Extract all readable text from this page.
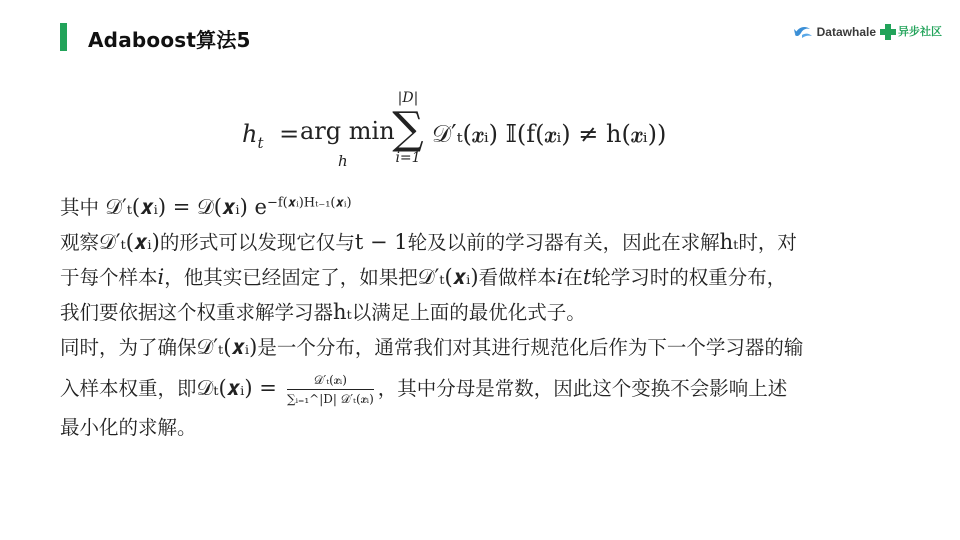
Adaboost算法5	Datawhale 异步社区
$h_t$ = arg min
h
|D|
∑
i=1
𝒟′ₜ(𝒙ᵢ) 𝕀(f(𝒙ᵢ) ≠ h(𝒙ᵢ))
其中 𝒟′ₜ(𝒙ᵢ) = 𝒟(𝒙ᵢ) $e^{-f(𝒙ᵢ)H_{t-1}(𝒙ᵢ)}$
观察𝒟′ₜ(𝒙ᵢ)的形式可以发现它仅与t − 1轮及以前的学习器有关，因此在求解hₜ时，对
于每个样本i，他其实已经固定了，如果把𝒟′ₜ(𝒙ᵢ)看做样本i在t轮学习时的权重分布，
我们要依据这个权重求解学习器hₜ以满足上面的最优化式子。
同时，为了确保𝒟′ₜ(𝒙ᵢ)是一个分布，通常我们对其进行规范化后作为下一个学习器的输
入样本权重，即𝒟ₜ(𝒙ᵢ) = $\frac{\text{𝒟′ₜ(𝒙ᵢ)}}{\text{∑ᵢ₌₁\textasciicircum{}|D| 𝒟′ₜ(𝒙ᵢ)}}$ ，其中分母是常数，因此这个变换不会影响上述
最小化的求解。
